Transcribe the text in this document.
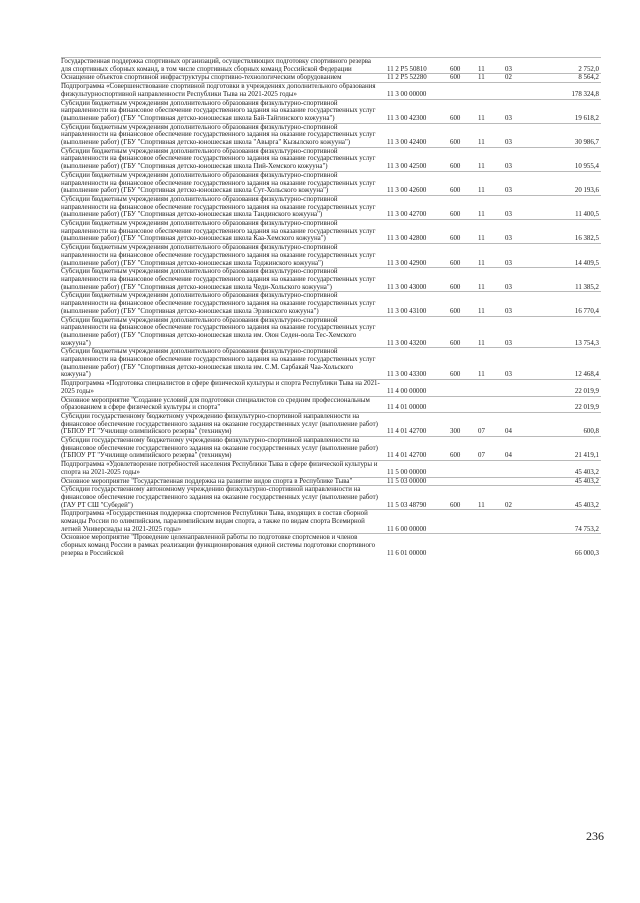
Государственная поддержка спортивных организаций, осуществляющих подготовку спортивного резерва для спортивных сборных команд, в том числе спортивных сборных команд Российской Федерации	11 2 P5 50810	600	11	03	2 752,0
Оснащение объектов спортивной инфраструктуры спортивно-технологическим оборудованием	11 2 P5 52280	600	11	02	8 564,2
Подпрограмма «Совершенствование спортивной подготовки в учреждениях дополнительного образования физкультурноспортивной направленности Республики Тыва на 2021-2025 годы»	11 3 00 00000				178 324,8
Субсидии бюджетным учреждениям дополнительного образования физкультурно-спортивной направленности на финансовое обеспечение государственного задания на оказание государственных услуг (выполнение работ) (ГБУ "Спортивная детско-юношеская школа Бай-Тайгинского кожууна")	11 3 00 42300	600	11	03	19 618,2
Субсидии бюджетным учреждениям дополнительного образования физкультурно-спортивной направленности на финансовое обеспечение государственного задания на оказание государственных услуг (выполнение работ) (ГБУ "Спортивная детско-юношеская школа "Авырга" Кызылского кожууна")	11 3 00 42400	600	11	03	30 986,7
Субсидии бюджетным учреждениям дополнительного образования физкультурно-спортивной направленности на финансовое обеспечение государственного задания на оказание государственных услуг (выполнение работ) (ГБУ "Спортивная детско-юношеская школа Пий-Хемского кожууна")	11 3 00 42500	600	11	03	10 955,4
Субсидии бюджетным учреждениям дополнительного образования физкультурно-спортивной направленности на финансовое обеспечение государственного задания на оказание государственных услуг (выполнение работ) (ГБУ "Спортивная детско-юношеская школа Сут-Хольского кожууна")	11 3 00 42600	600	11	03	20 193,6
Субсидии бюджетным учреждениям дополнительного образования физкультурно-спортивной направленности на финансовое обеспечение государственного задания на оказание государственных услуг (выполнение работ) (ГБУ "Спортивная детско-юношеская школа Тандинского кожууна")	11 3 00 42700	600	11	03	11 400,5
Субсидии бюджетным учреждениям дополнительного образования физкультурно-спортивной направленности на финансовое обеспечение государственного задания на оказание государственных услуг (выполнение работ) (ГБУ "Спортивная детско-юношеская школа Каа-Хемского кожууна")	11 3 00 42800	600	11	03	16 382,5
Субсидии бюджетным учреждениям дополнительного образования физкультурно-спортивной направленности на финансовое обеспечение государственного задания на оказание государственных услуг (выполнение работ) (ГБУ "Спортивная детско-юношеская школа Тоджинского кожууна")	11 3 00 42900	600	11	03	14 409,5
Субсидии бюджетным учреждениям дополнительного образования физкультурно-спортивной направленности на финансовое обеспечение государственного задания на оказание государственных услуг (выполнение работ) (ГБУ "Спортивная детско-юношеская школа Чеди-Хольского кожууна")	11 3 00 43000	600	11	03	11 385,2
Субсидии бюджетным учреждениям дополнительного образования физкультурно-спортивной направленности на финансовое обеспечение государственного задания на оказание государственных услуг (выполнение работ) (ГБУ "Спортивная детско-юношеская школа Эрзинского кожууна")	11 3 00 43100	600	11	03	16 770,4
Субсидии бюджетным учреждениям дополнительного образования физкультурно-спортивной направленности на финансовое обеспечение государственного задания на оказание государственных услуг (выполнение работ) (ГБУ "Спортивная детско-юношеская школа им. Оюн Седен-оола Тес-Хемского кожууна")	11 3 00 43200	600	11	03	13 754,3
Субсидии бюджетным учреждениям дополнительного образования физкультурно-спортивной направленности на финансовое обеспечение государственного задания на оказание государственных услуг (выполнение работ) (ГБУ "Спортивная детско-юношеская школа им. С.М. Сарбакай Чаа-Хольского кожууна")	11 3 00 43300	600	11	03	12 468,4
Подпрограмма «Подготовка специалистов в сфере физической культуры и спорта Республики Тыва на 2021-2025 годы»	11 4 00 00000				22 019,9
Основное мероприятие "Создание условий для подготовки специалистов со средним профессиональным образованием в сфере физической культуры и спорта"	11 4 01 00000				22 019,9
Субсидии государственному бюджетному учреждению физкультурно-спортивной направленности на финансовое обеспечение государственного задания на оказание государственных услуг (выполнение работ) (ГБПОУ РТ "Училище олимпийского резерва" (техникум)	11 4 01 42700	300	07	04	600,8
Субсидии государственному бюджетному учреждению физкультурно-спортивной направленности на финансовое обеспечение государственного задания на оказание государственных услуг (выполнение работ) (ГБПОУ РТ "Училище олимпийского резерва" (техникум)	11 4 01 42700	600	07	04	21 419,1
Подпрограмма «Удовлетворение потребностей населения Республики Тыва в сфере физической культуры и спорта на 2021-2025 годы»	11 5 00 00000				45 403,2
Основное мероприятие "Государственная поддержка на развитие видов спорта в Республике Тыва"	11 5 03 00000				45 403,2
Субсидии государственному автономному учреждению физкультурно-спортивной направленности на финансовое обеспечение государственного задания на оказание государственных услуг (выполнение работ) (ГАУ РТ СШ "Субедей")	11 5 03 48790	600	11	02	45 403,2
Подпрограмма «Государственная поддержка спортсменов Республики Тыва, входящих в состав сборной команды России по олимпийским, паралимпийским видам спорта, а также по видам спорта Всемирной летней Универсиады на 2021-2025 годы»	11 6 00 00000				74 753,2
Основное мероприятие "Проведение целенаправленной работы по подготовке спортсменов и членов сборных команд России в рамках реализации функционирования единой системы подготовки спортивного резерва в Российской	11 6 01 00000				66 000,3
236
